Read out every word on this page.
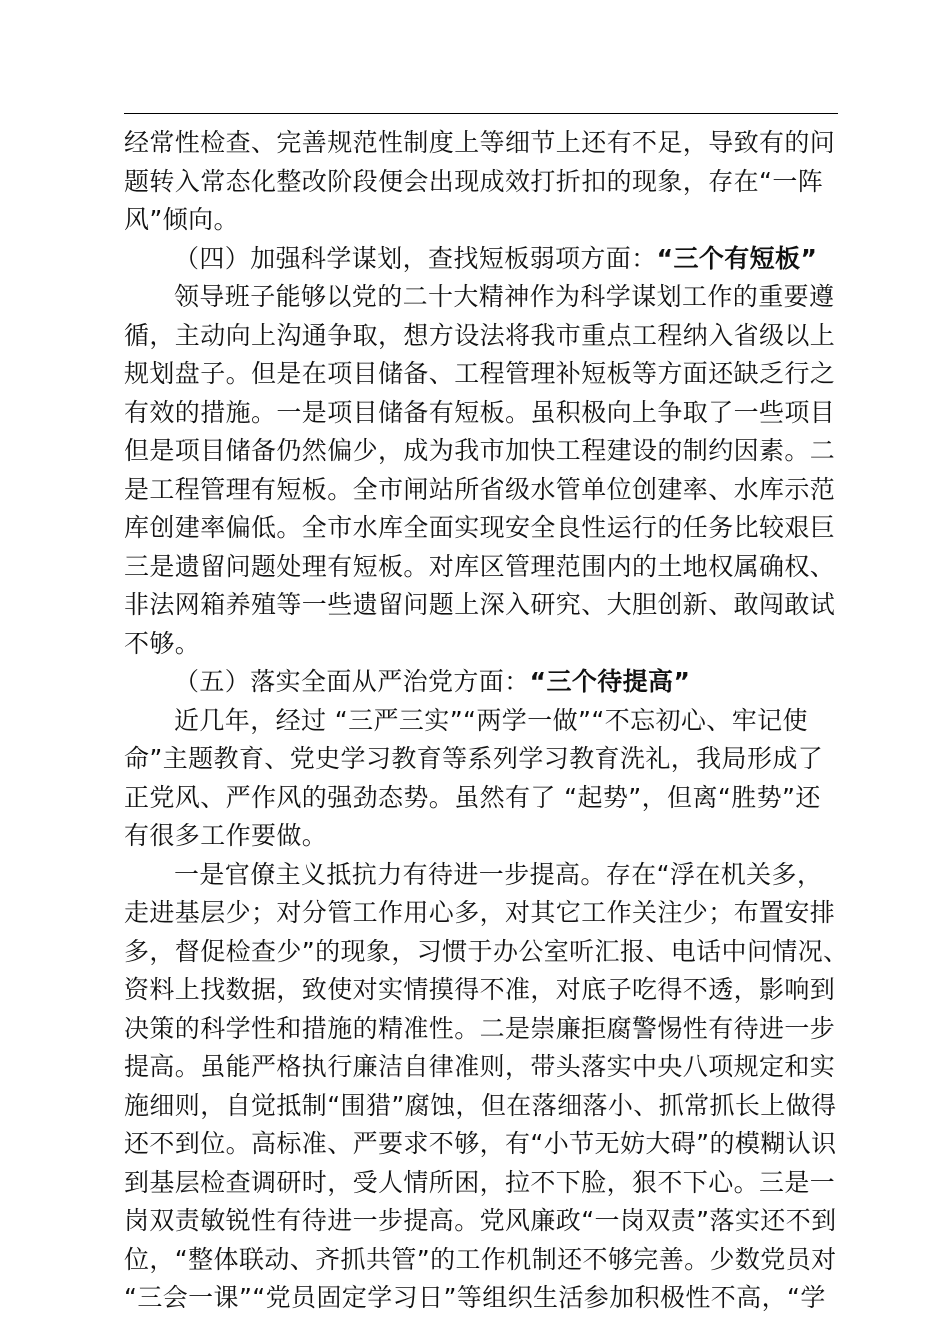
经常性检查、完善规范性制度上等细节上还有不足，导致有的问
题转入常态化整改阶段便会出现成效打折扣的现象，存在“一阵
风”倾向。
（四）加强科学谋划，查找短板弱项方面：“三个有短板”
领导班子能够以党的二十大精神作为科学谋划工作的重要遵
循，主动向上沟通争取，想方设法将我市重点工程纳入省级以上
规划盘子。但是在项目储备、工程管理补短板等方面还缺乏行之
有效的措施。一是项目储备有短板。虽积极向上争取了一些项目
但是项目储备仍然偏少，成为我市加快工程建设的制约因素。二
是工程管理有短板。全市闸站所省级水管单位创建率、水库示范
库创建率偏低。全市水库全面实现安全良性运行的任务比较艰巨
三是遗留问题处理有短板。对库区管理范围内的土地权属确权、
非法网箱养殖等一些遗留问题上深入研究、大胆创新、敢闯敢试
不够。
（五）落实全面从严治党方面：“三个待提高”
近几年，经过 “三严三实”“两学一做”“不忘初心、牢记使
命”主题教育、党史学习教育等系列学习教育洗礼，我局形成了
正党风、严作风的强劲态势。虽然有了 “起势”，但离“胜势”还
有很多工作要做。
一是官僚主义抵抗力有待进一步提高。存在“浮在机关多，
走进基层少；对分管工作用心多，对其它工作关注少；布置安排
多，督促检查少”的现象，习惯于办公室听汇报、电话中问情况、
资料上找数据，致使对实情摸得不准，对底子吃得不透，影响到
决策的科学性和措施的精准性。二是崇廉拒腐警惕性有待进一步
提高。虽能严格执行廉洁自律准则，带头落实中央八项规定和实
施细则，自觉抵制“围猎”腐蚀，但在落细落小、抓常抓长上做得
还不到位。高标准、严要求不够，有“小节无妨大碍”的模糊认识
到基层检查调研时，受人情所困，拉不下脸，狠不下心。三是一
岗双责敏锐性有待进一步提高。党风廉政“一岗双责”落实还不到
位，“整体联动、齐抓共管”的工作机制还不够完善。少数党员对
“三会一课”“党员固定学习日”等组织生活参加积极性不高，“学
